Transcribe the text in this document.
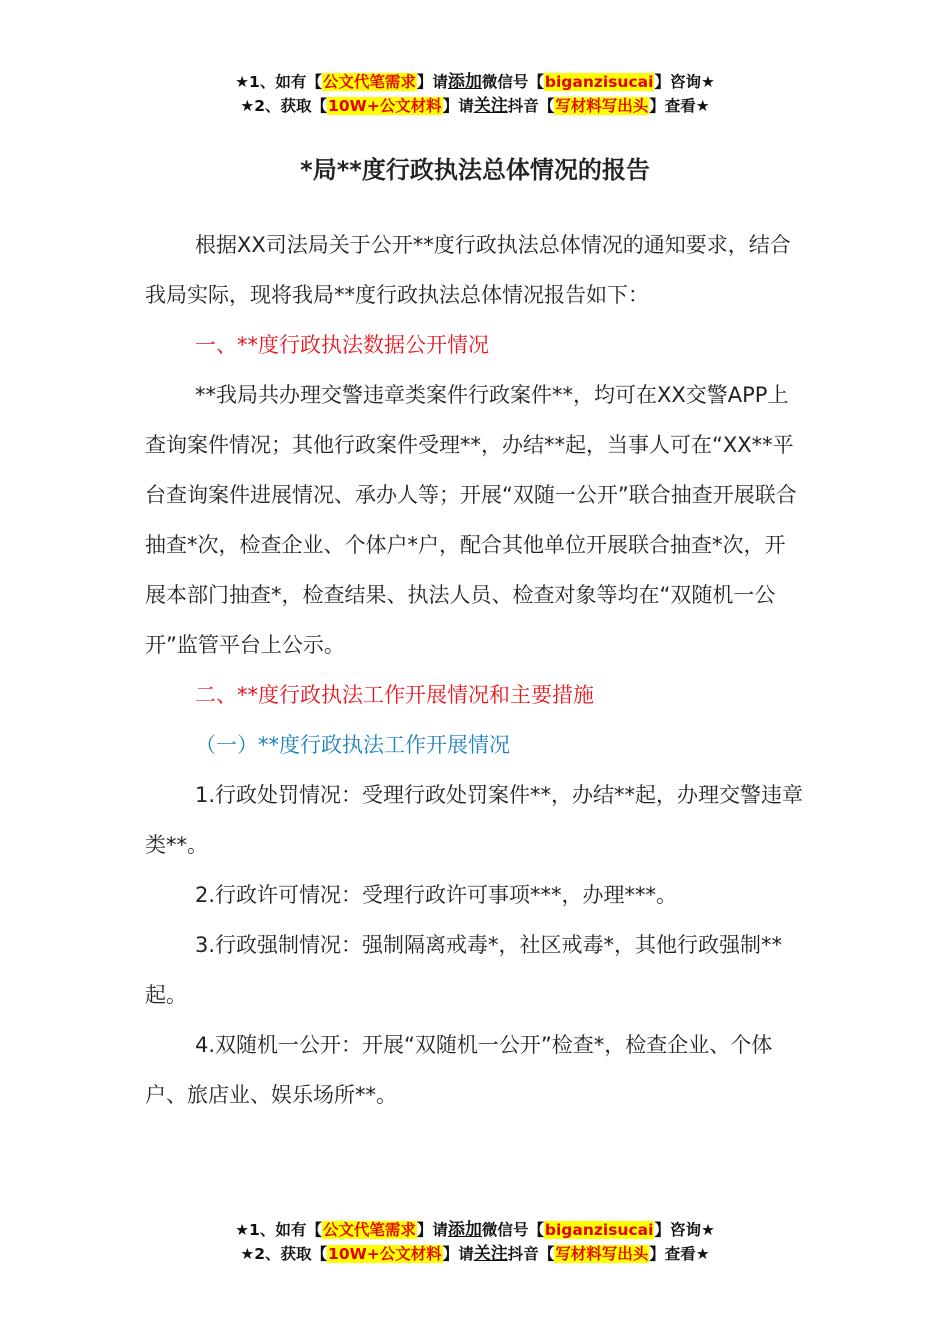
★1、如有【公文代笔需求】请添加微信号【biganzisucai】咨询★
★2、获取【10W+公文材料】请关注抖音【写材料写出头】查看★
*局**度行政执法总体情况的报告

根据XX司法局关于公开**度行政执法总体情况的通知要求，结合我局实际，现将我局**度行政执法总体情况报告如下：

一、**度行政执法数据公开情况

**我局共办理交警违章类案件行政案件**，均可在XX交警APP上查询案件情况；其他行政案件受理**，办结**起，当事人可在“XX**平台查询案件进展情况、承办人等；开展“双随一公开”联合抽查开展联合抽查*次，检查企业、个体户*户，配合其他单位开展联合抽查*次，开展本部门抽查*，检查结果、执法人员、检查对象等均在“双随机一公开”监管平台上公示。

二、**度行政执法工作开展情况和主要措施

（一）**度行政执法工作开展情况

1.行政处罚情况：受理行政处罚案件**，办结**起，办理交警违章类**。

2.行政许可情况：受理行政许可事项***，办理***。

3.行政强制情况：强制隔离戒毒*，社区戒毒*，其他行政强制**起。

4.双随机一公开：开展“双随机一公开”检查*，检查企业、个体户、旅店业、娱乐场所**。

★1、如有【公文代笔需求】请添加微信号【biganzisucai】咨询★
★2、获取【10W+公文材料】请关注抖音【写材料写出头】查看★
